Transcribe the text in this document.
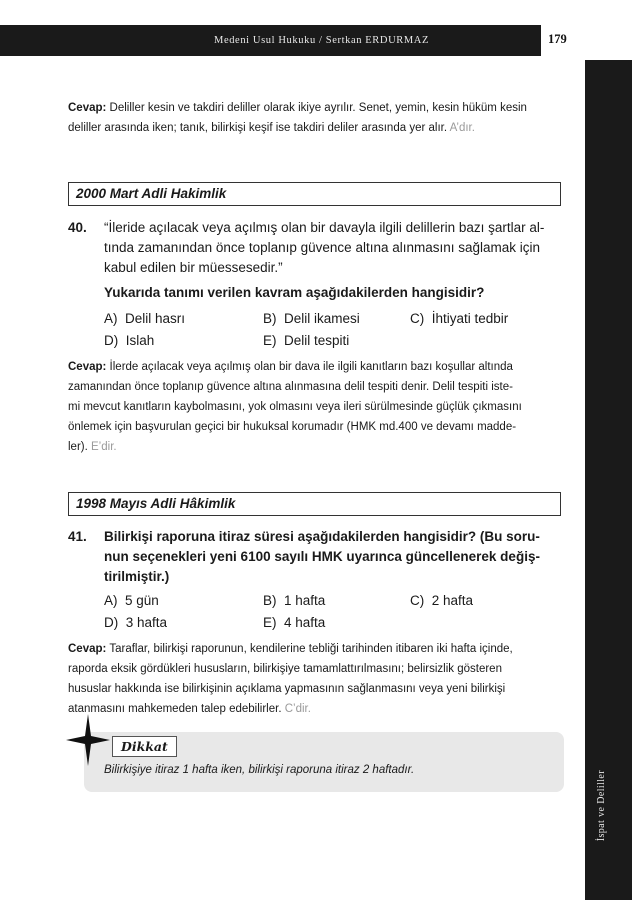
Medeni Usul Hukuku / Sertkan ERDURMAZ	179
İspat ve Deliller
Cevap: Deliller kesin ve takdiri deliller olarak ikiye ayrılır. Senet, yemin, kesin hüküm kesin
deliller arasında iken; tanık, bilirkişi keşif ise takdiri deliler arasında yer alır. A’dır.
2000 Mart Adli Hakimlik
40. “İleride açılacak veya açılmış olan bir davayla ilgili delillerin bazı şartlar al-
tında zamanından önce toplanıp güvence altına alınmasını sağlamak için
kabul edilen bir müessesedir.”
Yukarıda tanımı verilen kavram aşağıdakilerden hangisidir?
A) Delil hasrı	B) Delil ikamesi	C) İhtiyati tedbir
D) Islah	E) Delil tespiti
Cevap: İlerde açılacak veya açılmış olan bir dava ile ilgili kanıtların bazı koşullar altında
zamanından önce toplanıp güvence altına alınmasına delil tespiti denir. Delil tespiti iste-
mi mevcut kanıtların kaybolmasını, yok olmasını veya ileri sürülmesinde güçlük çıkmasını
önlemek için başvurulan geçici bir hukuksal korumadır (HMK md.400 ve devamı madde-
ler). E’dir.
1998 Mayıs Adli Hâkimlik
41. Bilirkişi raporuna itiraz süresi aşağıdakilerden hangisidir? (Bu soru-
nun seçenekleri yeni 6100 sayılı HMK uyarınca güncellenerek değiş-
tirilmiştir.)
A) 5 gün	B) 1 hafta	C) 2 hafta
D) 3 hafta	E) 4 hafta
Cevap: Taraflar, bilirkişi raporunun, kendilerine tebliği tarihinden itibaren iki hafta içinde,
raporda eksik gördükleri hususların, bilirkişiye tamamlattırılmasını; belirsizlik gösteren
hususlar hakkında ise bilirkişinin açıklama yapmasının sağlanmasını veya yeni bilirkişi
atanmasını mahkemeden talep edebilirler. C’dir.
Dikkat
Bilirkişiye itiraz 1 hafta iken, bilirkişi raporuna itiraz 2 haftadır.
